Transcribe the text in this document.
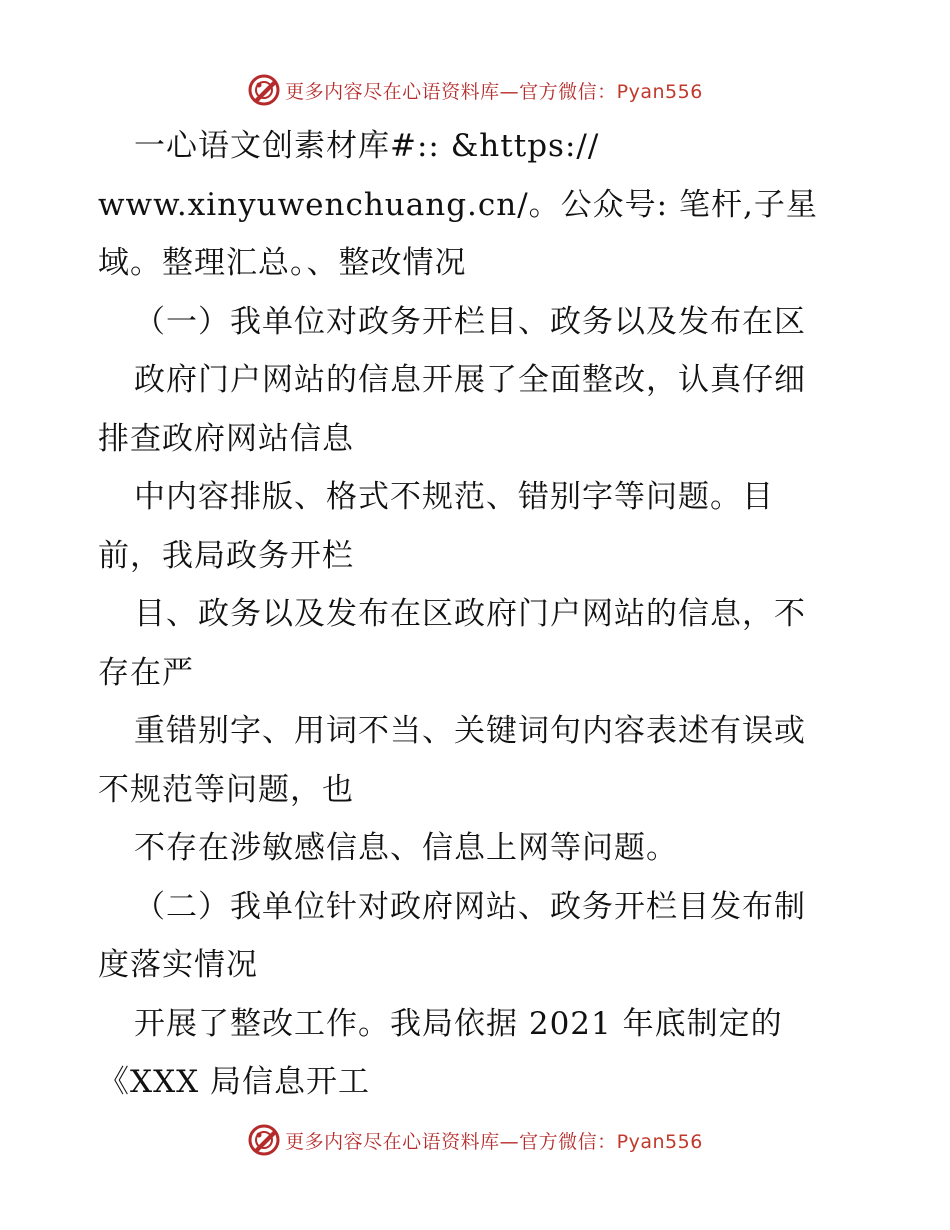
更多内容尽在心语资料库—官方微信：Pyan556
一心语文创素材库#:: &https://
www.xinyuwenchuang.cn/。公众号: 笔杆,子星
域。整理汇总。、整改情况
（一）我单位对政务开栏目、政务以及发布在区
政府门户网站的信息开展了全面整改，认真仔细
排查政府网站信息
中内容排版、格式不规范、错别字等问题。目
前，我局政务开栏
目、政务以及发布在区政府门户网站的信息，不
存在严
重错别字、用词不当、关键词句内容表述有误或
不规范等问题，也
不存在涉敏感信息、信息上网等问题。
（二）我单位针对政府网站、政务开栏目发布制
度落实情况
开展了整改工作。我局依据 2021 年底制定的
《XXX 局信息开工
更多内容尽在心语资料库—官方微信：Pyan556
